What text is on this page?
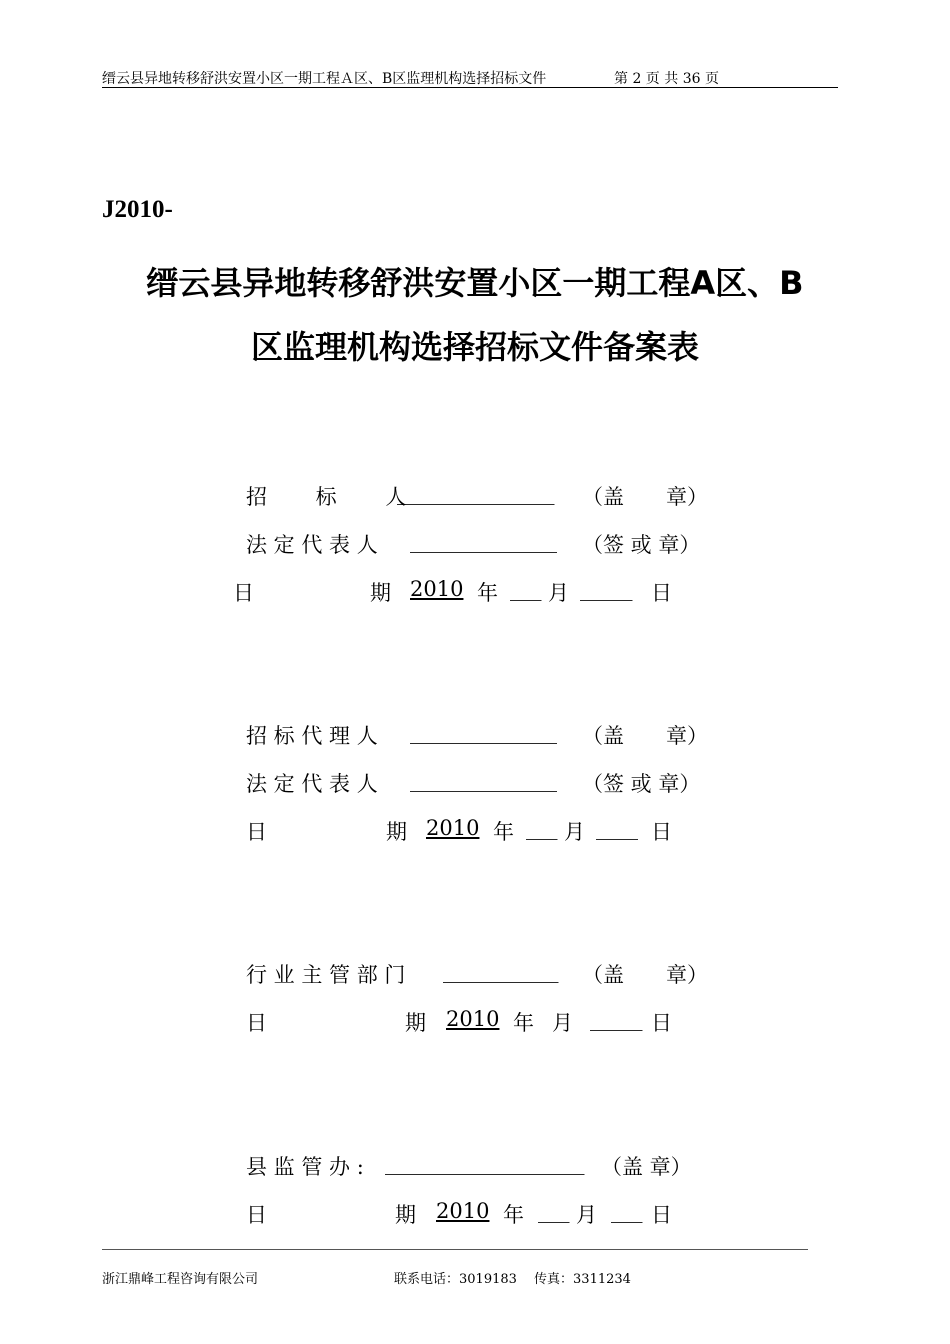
缙云县异地转移舒洪安置小区一期工程Ａ区、B区监理机构选择招标文件	第 2 页 共 36 页
J2010-
缙云县异地转移舒洪安置小区一期工程A区、B
区监理机构选择招标文件备案表
招　 　标　 　人
_______________ （盖　　章）
法 定 代 表 人 ______________ （签 或 章）
日	期 2010 年 ___ 月 _____ 日
招 标 代 理 人 ______________ （盖　　章）
法 定 代 表 人 ______________ （签 或 章）
日	期 2010 年 ___ 月 ____ 日
行 业 主 管 部 门 ___________ （盖　　章）
日	期 2010 年 月 _____ 日
县 监 管 办 : ___________________ （盖 章）
日	期 2010 年 ___ 月 ___ 日
浙江鼎峰工程咨询有限公司	联系电话：3019183　 传真：3311234
